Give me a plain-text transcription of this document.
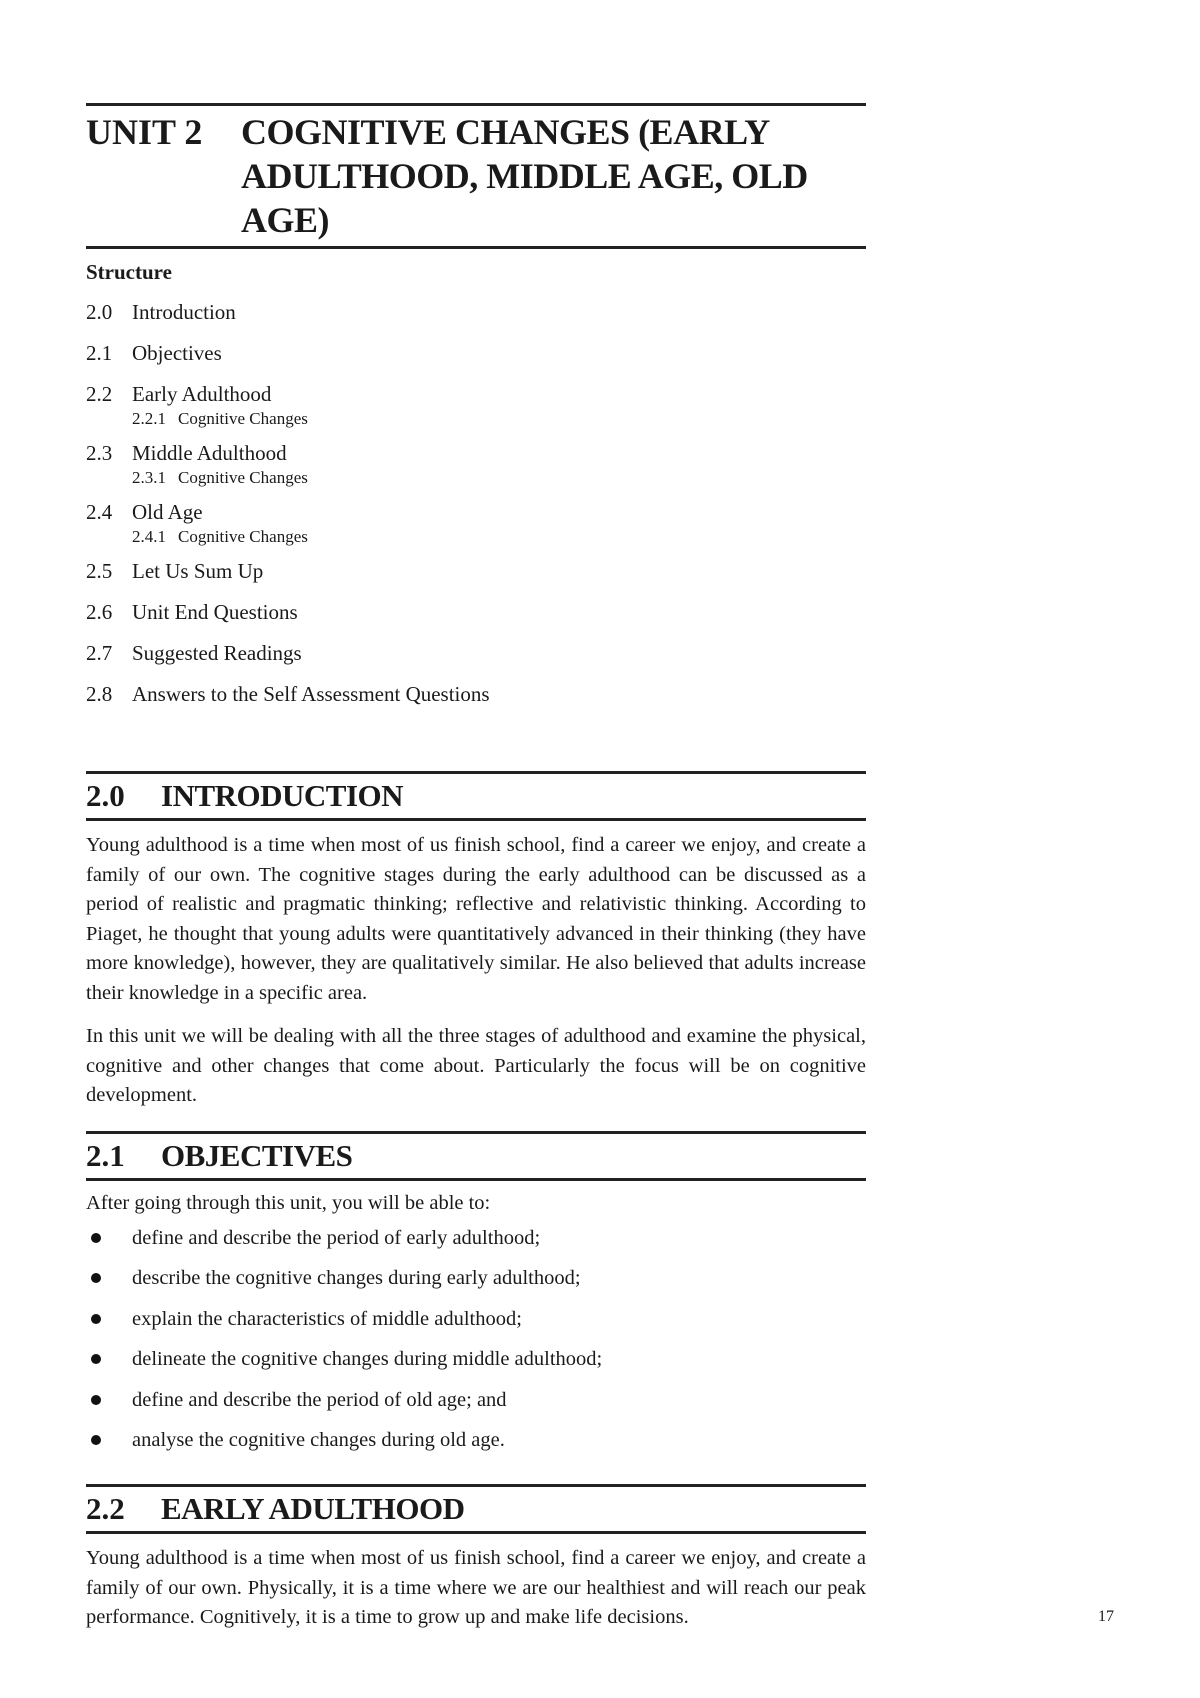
UNIT 2	COGNITIVE CHANGES (EARLY
ADULTHOOD, MIDDLE AGE, OLD
AGE)
Structure
2.0 Introduction
2.1 Objectives
2.2 Early Adulthood
2.2.1 Cognitive Changes
2.3 Middle Adulthood
2.3.1 Cognitive Changes
2.4 Old Age
2.4.1 Cognitive Changes
2.5 Let Us Sum Up
2.6 Unit End Questions
2.7 Suggested Readings
2.8 Answers to the Self Assessment Questions
2.0	INTRODUCTION

Young adulthood is a time when most of us finish school, find a career we enjoy, and create a family of our own. The cognitive stages during the early adulthood can be discussed as a period of realistic and pragmatic thinking; reflective and relativistic thinking. According to Piaget, he thought that young adults were quantitatively advanced in their thinking (they have more knowledge), however, they are qualitatively similar. He also believed that adults increase their knowledge in a specific area.

In this unit we will be dealing with all the three stages of adulthood and examine the physical, cognitive and other changes that come about. Particularly the focus will be on cognitive development.

2.1	OBJECTIVES

After going through this unit, you will be able to:

define and describe the period of early adulthood;
describe the cognitive changes during early adulthood;
explain the characteristics of middle adulthood;
delineate the cognitive changes during middle adulthood;
define and describe the period of old age; and
analyse the cognitive changes during old age.
2.2	EARLY ADULTHOOD

Young adulthood is a time when most of us finish school, find a career we enjoy, and create a family of our own. Physically, it is a time where we are our healthiest and will reach our peak performance. Cognitively, it is a time to grow up and make life decisions.	17
